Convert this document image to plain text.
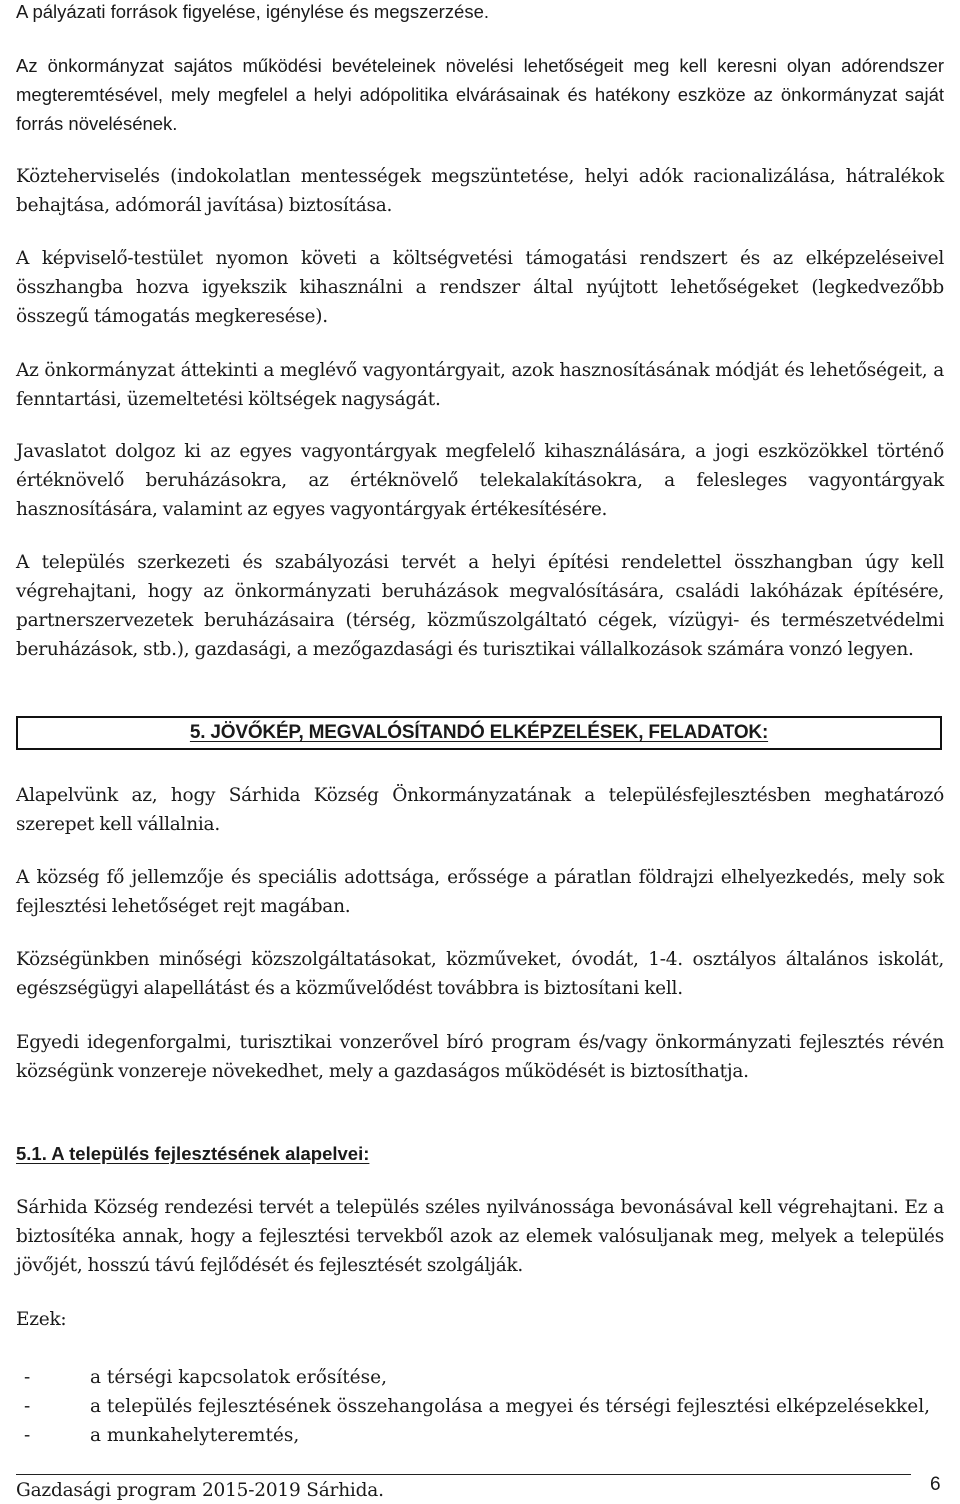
A pályázati források figyelése, igénylése és megszerzése.

Az önkormányzat sajátos működési bevételeinek növelési lehetőségeit meg kell keresni olyan adórendszer megteremtésével, mely megfelel a helyi adópolitika elvárásainak és hatékony eszköze az önkormányzat saját forrás növelésének.

Közteherviselés (indokolatlan mentességek megszüntetése, helyi adók racionalizálása, hátralékok behajtása, adómorál javítása) biztosítása.

A képviselő-testület nyomon követi a költségvetési támogatási rendszert és az elképzeléseivel összhangba hozva igyekszik kihasználni a rendszer által nyújtott lehetőségeket (legkedvezőbb összegű támogatás megkeresése).

Az önkormányzat áttekinti a meglévő vagyontárgyait, azok hasznosításának módját és lehetőségeit, a fenntartási, üzemeltetési költségek nagyságát.

Javaslatot dolgoz ki az egyes vagyontárgyak megfelelő kihasználására, a jogi eszközökkel történő értéknövelő beruházásokra, az értéknövelő telekalakításokra, a felesleges vagyontárgyak hasznosítására, valamint az egyes vagyontárgyak értékesítésére.

A település szerkezeti és szabályozási tervét a helyi építési rendelettel összhangban úgy kell végrehajtani, hogy az önkormányzati beruházások megvalósítására, családi lakóházak építésére, partnerszervezetek beruházásaira (térség, közműszolgáltató cégek, vízügyi- és természetvédelmi beruházások, stb.), gazdasági, a mezőgazdasági és turisztikai vállalkozások számára vonzó legyen.

5. JÖVŐKÉP, MEGVALÓSÍTANDÓ ELKÉPZELÉSEK, FELADATOK:

Alapelvünk az, hogy Sárhida Község Önkormányzatának a településfejlesztésben meghatározó szerepet kell vállalnia.

A község fő jellemzője és speciális adottsága, erőssége a páratlan földrajzi elhelyezkedés, mely sok fejlesztési lehetőséget rejt magában.

Községünkben minőségi közszolgáltatásokat, közműveket, óvodát, 1-4. osztályos általános iskolát, egészségügyi alapellátást és a közművelődést továbbra is biztosítani kell.

Egyedi idegenforgalmi, turisztikai vonzerővel bíró program és/vagy önkormányzati fejlesztés révén községünk vonzereje növekedhet, mely a gazdaságos működését is biztosíthatja.

5.1. A település fejlesztésének alapelvei:

Sárhida Község rendezési tervét a település széles nyilvánossága bevonásával kell végrehajtani. Ez a biztosítéka annak, hogy a fejlesztési tervekből azok az elemek valósuljanak meg, melyek a település jövőjét, hosszú távú fejlődését és fejlesztését szolgálják.

Ezek:

-	a térségi kapcsolatok erősítése,
-	a település fejlesztésének összehangolása a megyei és térségi fejlesztési elképzelésekkel,
-	a munkahelyteremtés,
Gazdasági program 2015-2019 Sárhida.	6
